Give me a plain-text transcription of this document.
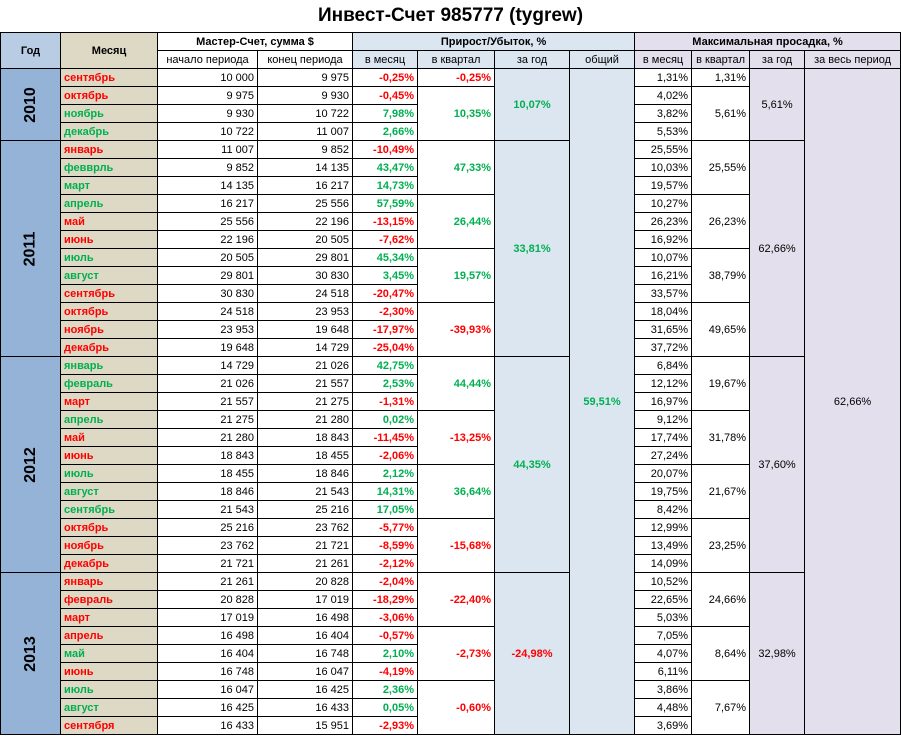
Инвест-Счет 985777 (tygrew)
Год	Месяц	Мастер-Счет, сумма $		Прирост/Убыток, %				Максимальная просадка, %			
		начало периода	конец периода	в месяц	в квартал	за год	общий	в месяц	в квартал	за год	за весь период
2010	сентябрь	10 000	9 975	-0,25%	-0,25%	10,07%	59,51%	1,31%	1,31%	5,61%	62,66%
	октябрь	9 975	9 930	-0,45%	10,35%			4,02%	5,61%		
	ноябрь	9 930	10 722	7,98%				3,82%			
	декабрь	10 722	11 007	2,66%				5,53%			
2011	январь	11 007	9 852	-10,49%	47,33%	33,81%		25,55%	25,55%	62,66%	
	февврль	9 852	14 135	43,47%				10,03%			
	март	14 135	16 217	14,73%				19,57%			
	апрель	16 217	25 556	57,59%	26,44%			10,27%	26,23%		
	май	25 556	22 196	-13,15%				26,23%			
	июнь	22 196	20 505	-7,62%				16,92%			
	июль	20 505	29 801	45,34%	19,57%			10,07%	38,79%		
	август	29 801	30 830	3,45%				16,21%			
	сентябрь	30 830	24 518	-20,47%				33,57%			
	октябрь	24 518	23 953	-2,30%	-39,93%			18,04%	49,65%		
	ноябрь	23 953	19 648	-17,97%				31,65%			
	декабрь	19 648	14 729	-25,04%				37,72%			
2012	январь	14 729	21 026	42,75%	44,44%	44,35%		6,84%	19,67%	37,60%	
	февраль	21 026	21 557	2,53%				12,12%			
	март	21 557	21 275	-1,31%				16,97%			
	апрель	21 275	21 280	0,02%	-13,25%			9,12%	31,78%		
	май	21 280	18 843	-11,45%				17,74%			
	июнь	18 843	18 455	-2,06%				27,24%			
	июль	18 455	18 846	2,12%	36,64%			20,07%	21,67%		
	август	18 846	21 543	14,31%				19,75%			
	сентябрь	21 543	25 216	17,05%				8,42%			
	октябрь	25 216	23 762	-5,77%	-15,68%			12,99%	23,25%		
	ноябрь	23 762	21 721	-8,59%				13,49%			
	декабрь	21 721	21 261	-2,12%				14,09%			
2013	январь	21 261	20 828	-2,04%	-22,40%	-24,98%		10,52%	24,66%	32,98%	
	февраль	20 828	17 019	-18,29%				22,65%			
	март	17 019	16 498	-3,06%				5,03%			
	апрель	16 498	16 404	-0,57%	-2,73%			7,05%	8,64%		
	май	16 404	16 748	2,10%				4,07%			
	июнь	16 748	16 047	-4,19%				6,11%			
	июль	16 047	16 425	2,36%	-0,60%			3,86%	7,67%		
	август	16 425	16 433	0,05%				4,48%			
	сентября	16 433	15 951	-2,93%				3,69%			
